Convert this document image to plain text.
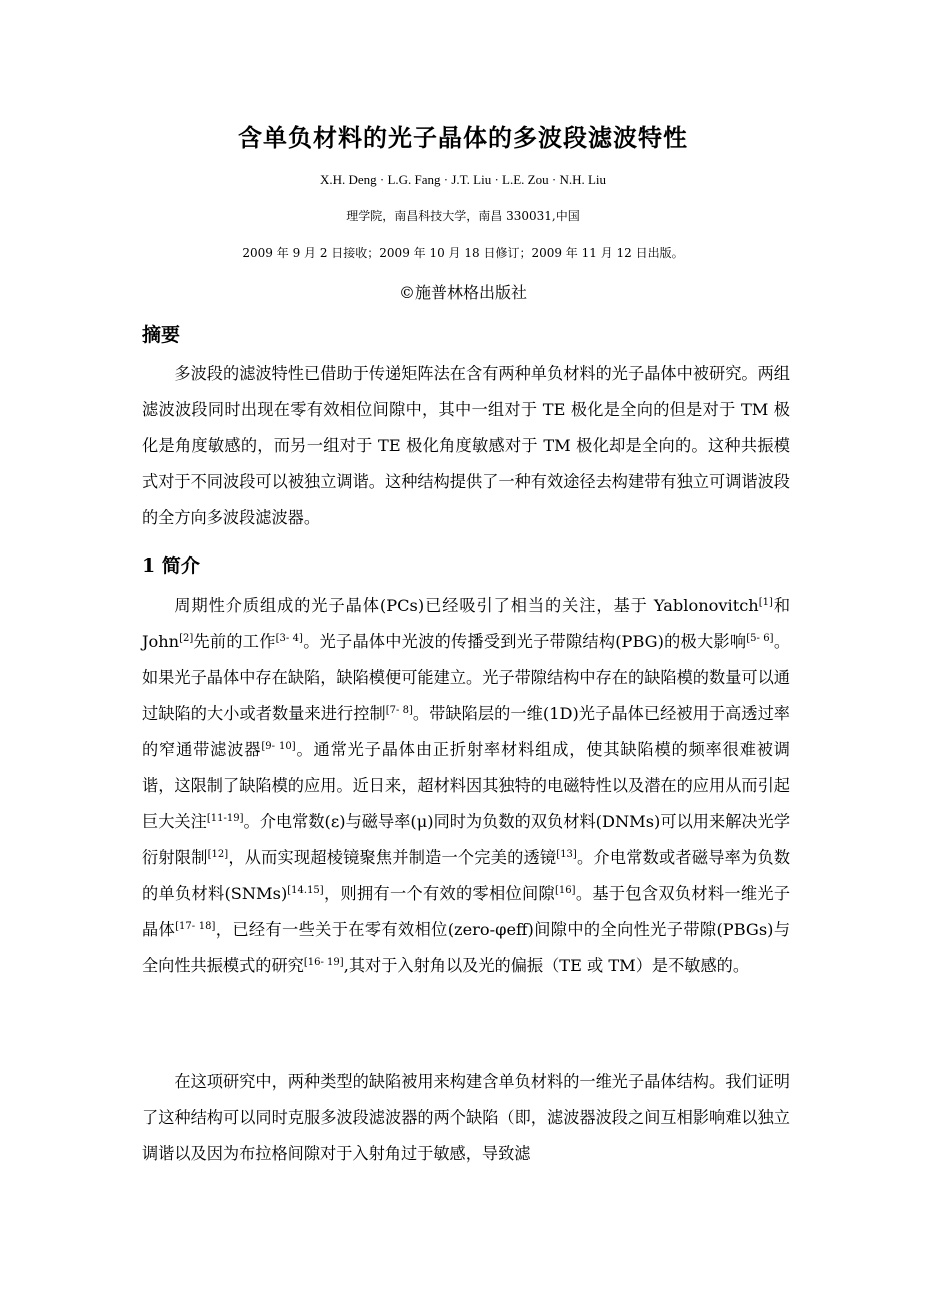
含单负材料的光子晶体的多波段滤波特性
X.H. Deng · L.G. Fang · J.T. Liu · L.E. Zou · N.H. Liu
理学院，南昌科技大学，南昌 330031,中国
2009 年 9 月 2 日接收；2009 年 10 月 18 日修订；2009 年 11 月 12 日出版。
©施普林格出版社
摘要

多波段的滤波特性已借助于传递矩阵法在含有两种单负材料的光子晶体中被研究。两组滤波波段同时出现在零有效相位间隙中，其中一组对于 TE 极化是全向的但是对于 TM 极化是角度敏感的，而另一组对于 TE 极化角度敏感对于 TM 极化却是全向的。这种共振模式对于不同波段可以被独立调谐。这种结构提供了一种有效途径去构建带有独立可调谐波段的全方向多波段滤波器。

1 简介

周期性介质组成的光子晶体(PCs)已经吸引了相当的关注，基于 Yablonovitch[1]和 John[2]先前的工作[3- 4]。光子晶体中光波的传播受到光子带隙结构(PBG)的极大影响[5- 6]。如果光子晶体中存在缺陷，缺陷模便可能建立。光子带隙结构中存在的缺陷模的数量可以通过缺陷的大小或者数量来进行控制[7- 8]。带缺陷层的一维(1D)光子晶体已经被用于高透过率的窄通带滤波器[9- 10]。通常光子晶体由正折射率材料组成，使其缺陷模的频率很难被调谐，这限制了缺陷模的应用。近日来，超材料因其独特的电磁特性以及潜在的应用从而引起巨大关注[11-19]。介电常数(ε)与磁导率(μ)同时为负数的双负材料(DNMs)可以用来解决光学衍射限制[12]，从而实现超棱镜聚焦并制造一个完美的透镜[13]。介电常数或者磁导率为负数的单负材料(SNMs)[14.15]，则拥有一个有效的零相位间隙[16]。基于包含双负材料一维光子晶体[17- 18]，已经有一些关于在零有效相位(zero-φeff)间隙中的全向性光子带隙(PBGs)与全向性共振模式的研究[16- 19],其对于入射角以及光的偏振（TE 或 TM）是不敏感的。

在这项研究中，两种类型的缺陷被用来构建含单负材料的一维光子晶体结构。我们证明了这种结构可以同时克服多波段滤波器的两个缺陷（即，滤波器波段之间互相影响难以独立调谐以及因为布拉格间隙对于入射角过于敏感，导致滤
